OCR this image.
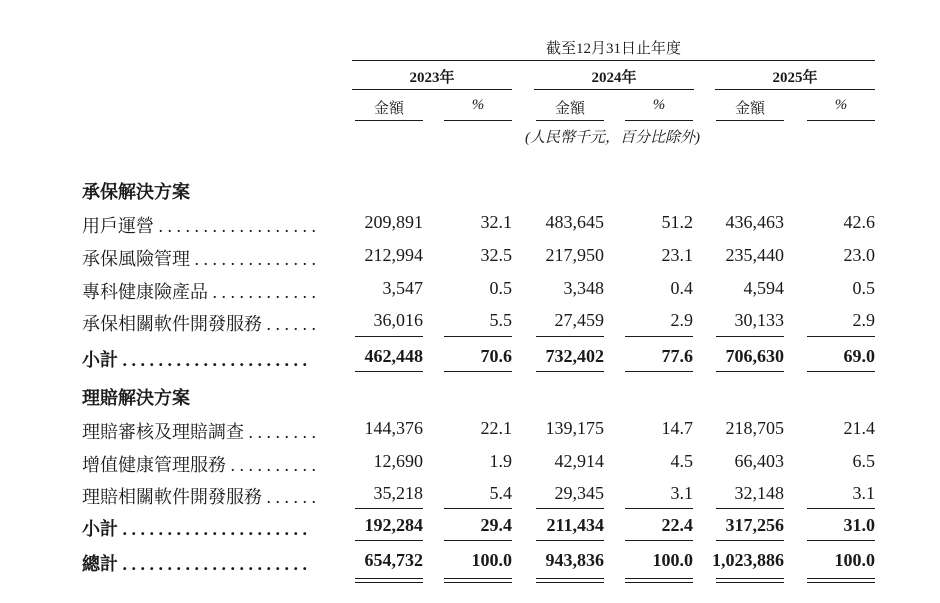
截至12月31日止年度
2023年	2024年	2025年
金額	%	金額	%	金額	%
(人民幣千元，百分比除外)
承保解決方案
用戶運營 . . . . . . . . . . . . . . . . . .	209,891	32.1	483,645	51.2	436,463	42.6
承保風險管理 . . . . . . . . . . . . . .	212,994	32.5	217,950	23.1	235,440	23.0
專科健康險產品 . . . . . . . . . . . .	3,547	0.5	3,348	0.4	4,594	0.5
承保相關軟件開發服務 . . . . . .	36,016	5.5	27,459	2.9	30,133	2.9
小計 . . . . . . . . . . . . . . . . . . . . .	462,448	70.6	732,402	77.6	706,630	69.0
理賠解決方案
理賠審核及理賠調查 . . . . . . . .	144,376	22.1	139,175	14.7	218,705	21.4
增值健康管理服務 . . . . . . . . . .	12,690	1.9	42,914	4.5	66,403	6.5
理賠相關軟件開發服務 . . . . . .	35,218	5.4	29,345	3.1	32,148	3.1
小計 . . . . . . . . . . . . . . . . . . . . .	192,284	29.4	211,434	22.4	317,256	31.0
總計 . . . . . . . . . . . . . . . . . . . . .	654,732	100.0	943,836	100.0	1,023,886	100.0
